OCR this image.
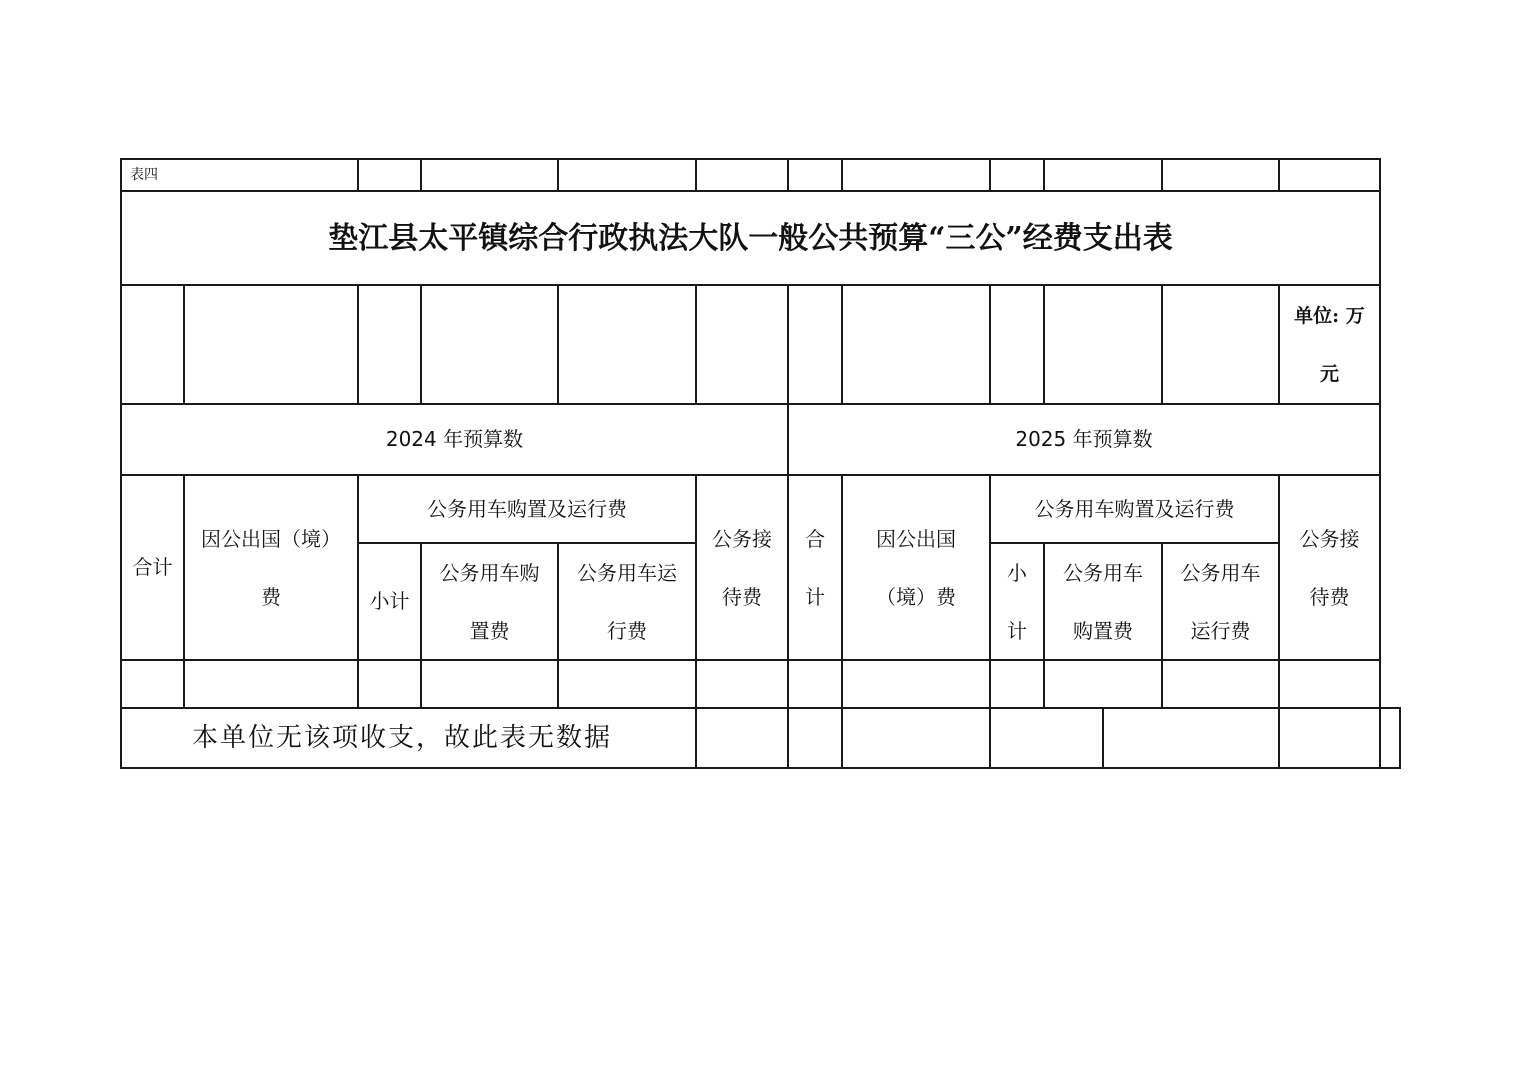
表四
垫江县太平镇综合行政执法大队一般公共预算“三公”经费支出表
单位: 万
元
2024 年预算数	2025 年预算数
合计
因公出国（境）
费
公务用车购置及运行费
小计
公务用车购
置费
公务用车运
行费
公务接
待费
合
计
因公出国
（境）费
公务用车购置及运行费
小
计
公务用车
购置费
公务用车
运行费
公务接
待费
本单位无该项收支，故此表无数据
